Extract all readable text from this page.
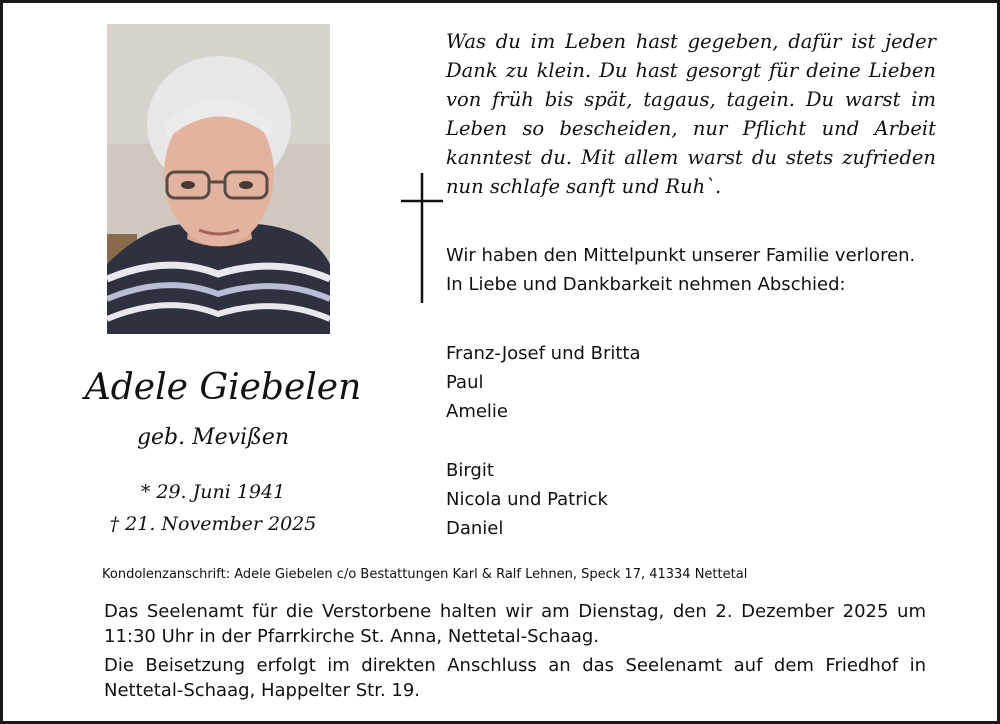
Adele Giebelen
geb. Mevißen
* 29. Juni 1941
† 21. November 2025
Was du im Leben hast gegeben, dafür ist jeder Dank zu klein. Du hast gesorgt für deine Lieben von früh bis spät, tagaus, tagein. Du warst im Leben so bescheiden, nur Pflicht und Arbeit kanntest du. Mit allem warst du stets zufrieden nun schlafe sanft und Ruh`.
Wir haben den Mittelpunkt unserer Familie verloren.
In Liebe und Dankbarkeit nehmen Abschied:
Franz-Josef und Britta
Paul
Amelie
Birgit
Nicola und Patrick
Daniel
Kondolenzanschrift: Adele Giebelen c/o Bestattungen Karl & Ralf Lehnen, Speck 17, 41334 Nettetal

Das Seelenamt für die Verstorbene halten wir am Dienstag, den 2. Dezember 2025 um 11:30 Uhr in der Pfarrkirche St. Anna, Nettetal-Schaag.

Die Beisetzung erfolgt im direkten Anschluss an das Seelenamt auf dem Friedhof in Nettetal-Schaag, Happelter Str. 19.
